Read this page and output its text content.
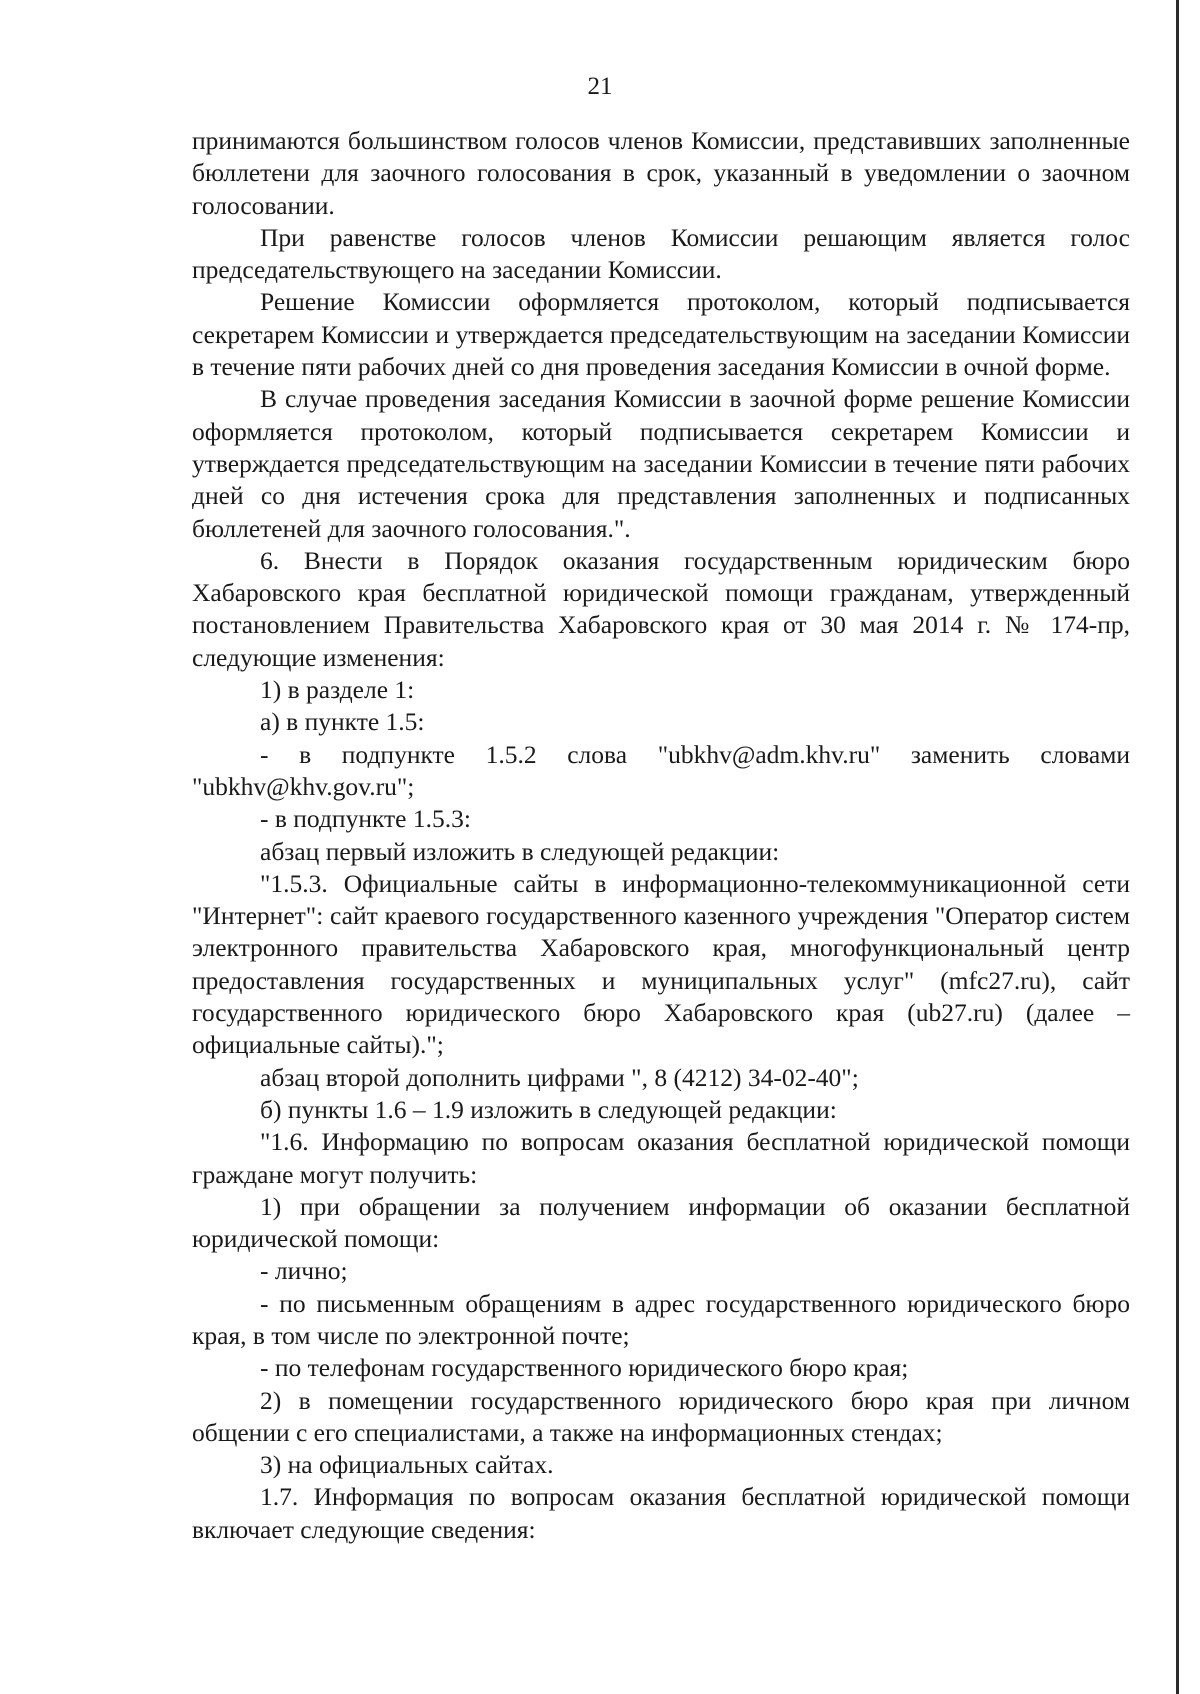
21

принимаются большинством голосов членов Комиссии, представивших заполненные бюллетени для заочного голосования в срок, указанный в уведомлении о заочном голосовании.

При равенстве голосов членов Комиссии решающим является голос председательствующего на заседании Комиссии.

Решение Комиссии оформляется протоколом, который подписывается секретарем Комиссии и утверждается председательствующим на заседании Комиссии в течение пяти рабочих дней со дня проведения заседания Комиссии в очной форме.

В случае проведения заседания Комиссии в заочной форме решение Комиссии оформляется протоколом, который подписывается секретарем Комиссии и утверждается председательствующим на заседании Комиссии в течение пяти рабочих дней со дня истечения срока для представления заполненных и подписанных бюллетеней для заочного голосования.".

6. Внести в Порядок оказания государственным юридическим бюро Хабаровского края бесплатной юридической помощи гражданам, утвержденный постановлением Правительства Хабаровского края от 30 мая 2014 г. № 174-пр, следующие изменения:

1) в разделе 1:

а) в пункте 1.5:

- в подпункте 1.5.2 слова "ubkhv@adm.khv.ru" заменить словами "ubkhv@khv.gov.ru";

- в подпункте 1.5.3:

абзац первый изложить в следующей редакции:

"1.5.3. Официальные сайты в информационно-телекоммуникационной сети "Интернет": сайт краевого государственного казенного учреждения "Оператор систем электронного правительства Хабаровского края, многофункциональный центр предоставления государственных и муниципальных услуг" (mfc27.ru), сайт государственного юридического бюро Хабаровского края (ub27.ru) (далее – официальные сайты).";

абзац второй дополнить цифрами ", 8 (4212) 34-02-40";

б) пункты 1.6 – 1.9 изложить в следующей редакции:

"1.6. Информацию по вопросам оказания бесплатной юридической помощи граждане могут получить:

1) при обращении за получением информации об оказании бесплатной юридической помощи:

- лично;

- по письменным обращениям в адрес государственного юридического бюро края, в том числе по электронной почте;

- по телефонам государственного юридического бюро края;

2) в помещении государственного юридического бюро края при личном общении с его специалистами, а также на информационных стендах;

3) на официальных сайтах.

1.7. Информация по вопросам оказания бесплатной юридической помощи включает следующие сведения:
